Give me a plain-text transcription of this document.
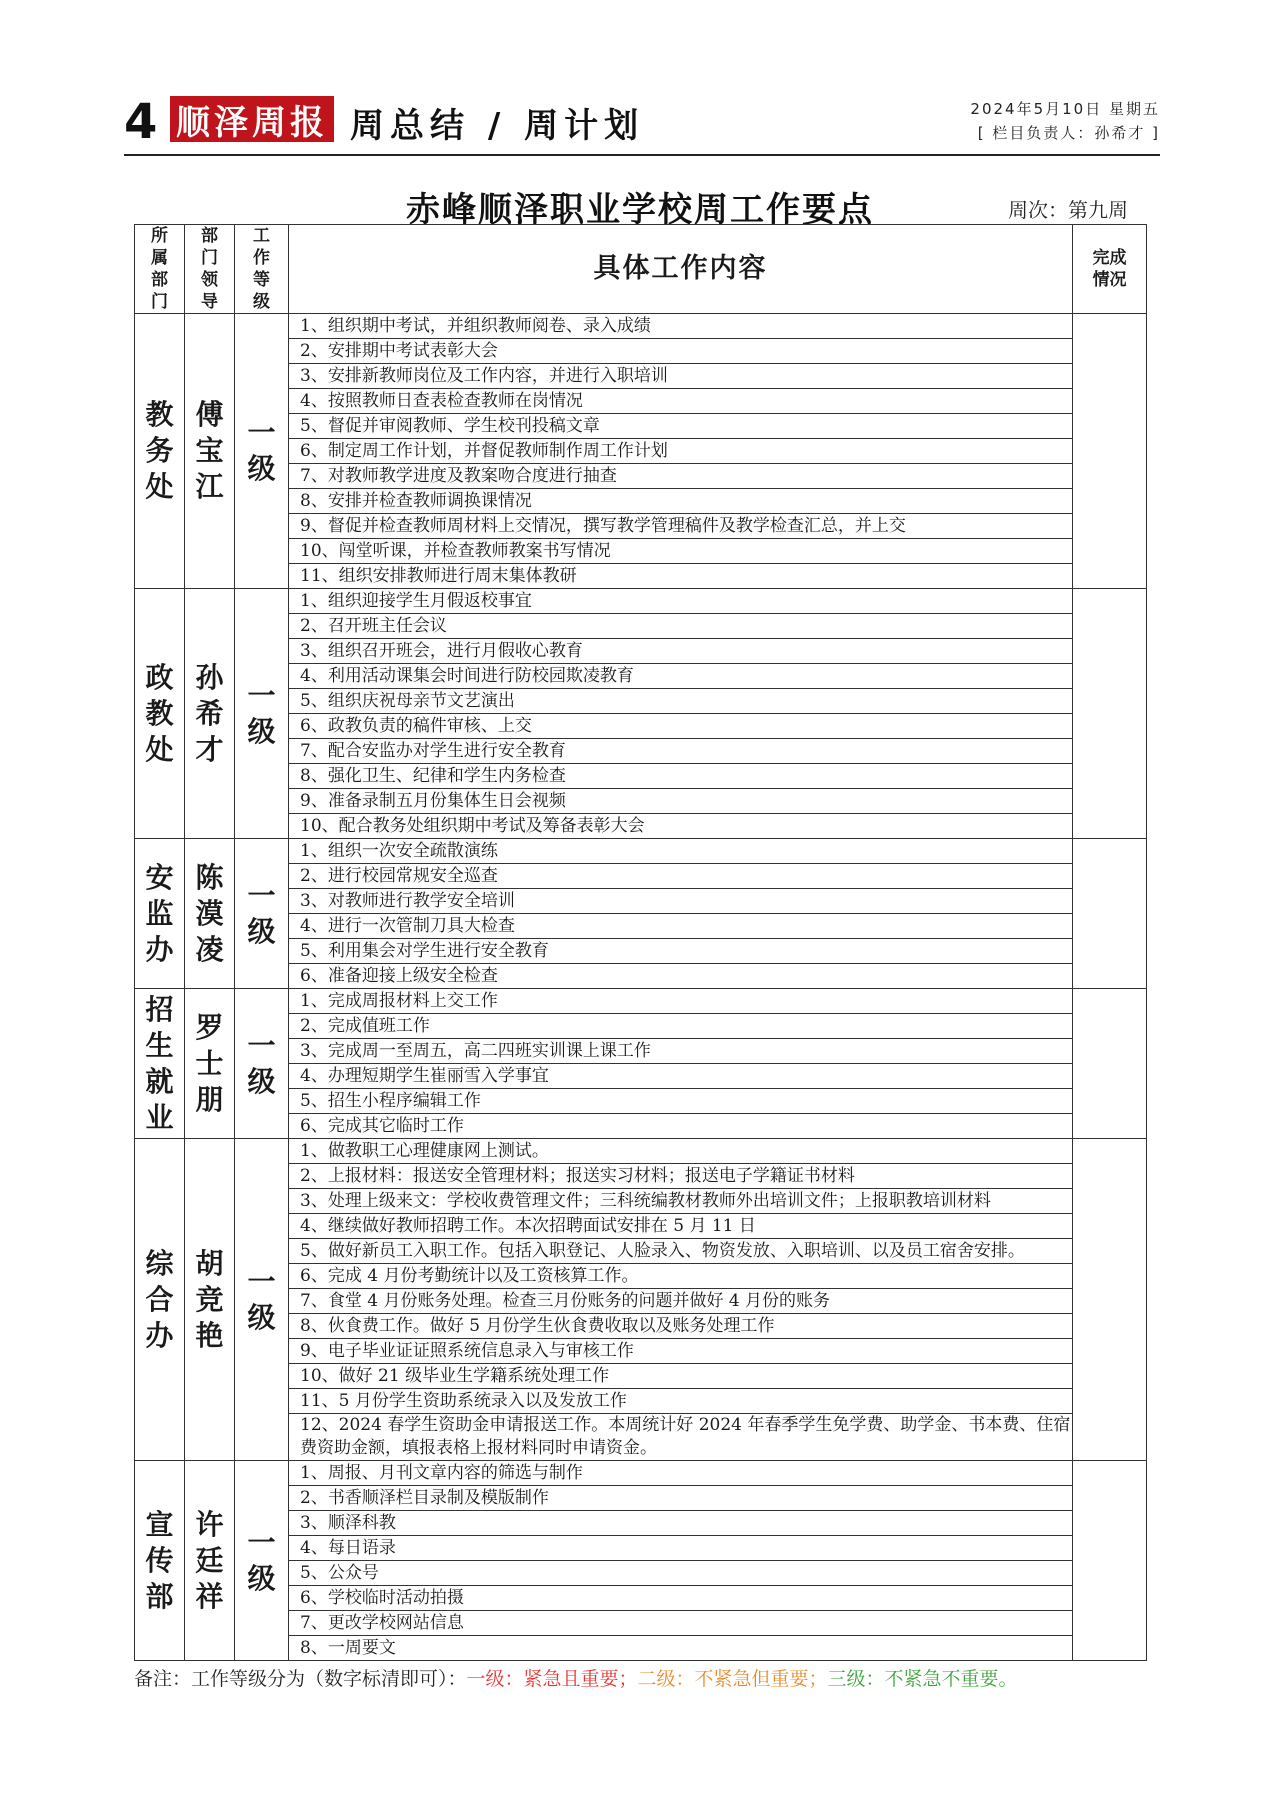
4 顺泽周报 周总结 / 周计划	2024年5月10日 星期五
[ 栏目负责人：孙希才 ]
赤峰顺泽职业学校周工作要点	周次：第九周
所属部门	部门领导	工作等级	具体工作内容	完成情况
教务处	傅宝江	一级	1、组织期中考试，并组织教师阅卷、录入成绩	
			2、安排期中考试表彰大会	
			3、安排新教师岗位及工作内容，并进行入职培训	
			4、按照教师日查表检查教师在岗情况	
			5、督促并审阅教师、学生校刊投稿文章	
			6、制定周工作计划，并督促教师制作周工作计划	
			7、对教师教学进度及教案吻合度进行抽查	
			8、安排并检查教师调换课情况	
			9、督促并检查教师周材料上交情况，撰写教学管理稿件及教学检查汇总，并上交	
			10、闯堂听课，并检查教师教案书写情况	
			11、组织安排教师进行周末集体教研	
政教处	孙希才	一级	1、组织迎接学生月假返校事宜	
			2、召开班主任会议	
			3、组织召开班会，进行月假收心教育	
			4、利用活动课集会时间进行防校园欺凌教育	
			5、组织庆祝母亲节文艺演出	
			6、政教负责的稿件审核、上交	
			7、配合安监办对学生进行安全教育	
			8、强化卫生、纪律和学生内务检查	
			9、准备录制五月份集体生日会视频	
			10、配合教务处组织期中考试及筹备表彰大会	
安监办	陈漠凌	一级	1、组织一次安全疏散演练	
			2、进行校园常规安全巡查	
			3、对教师进行教学安全培训	
			4、进行一次管制刀具大检查	
			5、利用集会对学生进行安全教育	
			6、准备迎接上级安全检查	
招生就业	罗士朋	一级	1、完成周报材料上交工作	
			2、完成值班工作	
			3、完成周一至周五，高二四班实训课上课工作	
			4、办理短期学生崔丽雪入学事宜	
			5、招生小程序编辑工作	
			6、完成其它临时工作	
综合办	胡竞艳	一级	1、做教职工心理健康网上测试。	
			2、上报材料：报送安全管理材料；报送实习材料；报送电子学籍证书材料	
			3、处理上级来文：学校收费管理文件；三科统编教材教师外出培训文件；上报职教培训材料	
			4、继续做好教师招聘工作。本次招聘面试安排在 5 月 11 日	
			5、做好新员工入职工作。包括入职登记、人脸录入、物资发放、入职培训、以及员工宿舍安排。	
			6、完成 4 月份考勤统计以及工资核算工作。	
			7、食堂 4 月份账务处理。检查三月份账务的问题并做好 4 月份的账务	
			8、伙食费工作。做好 5 月份学生伙食费收取以及账务处理工作	
			9、电子毕业证证照系统信息录入与审核工作	
			10、做好 21 级毕业生学籍系统处理工作	
			11、5 月份学生资助系统录入以及发放工作	
			12、2024 春学生资助金申请报送工作。本周统计好 2024 年春季学生免学费、助学金、书本费、住宿费资助金额，填报表格上报材料同时申请资金。	
宣传部	许廷祥	一级	1、周报、月刊文章内容的筛选与制作	
			2、书香顺泽栏目录制及模版制作	
			3、顺泽科教	
			4、每日语录	
			5、公众号	
			6、学校临时活动拍摄	
			7、更改学校网站信息	
			8、一周要文	
备注：工作等级分为（数字标清即可）：一级：紧急且重要；二级：不紧急但重要；三级：不紧急不重要。
